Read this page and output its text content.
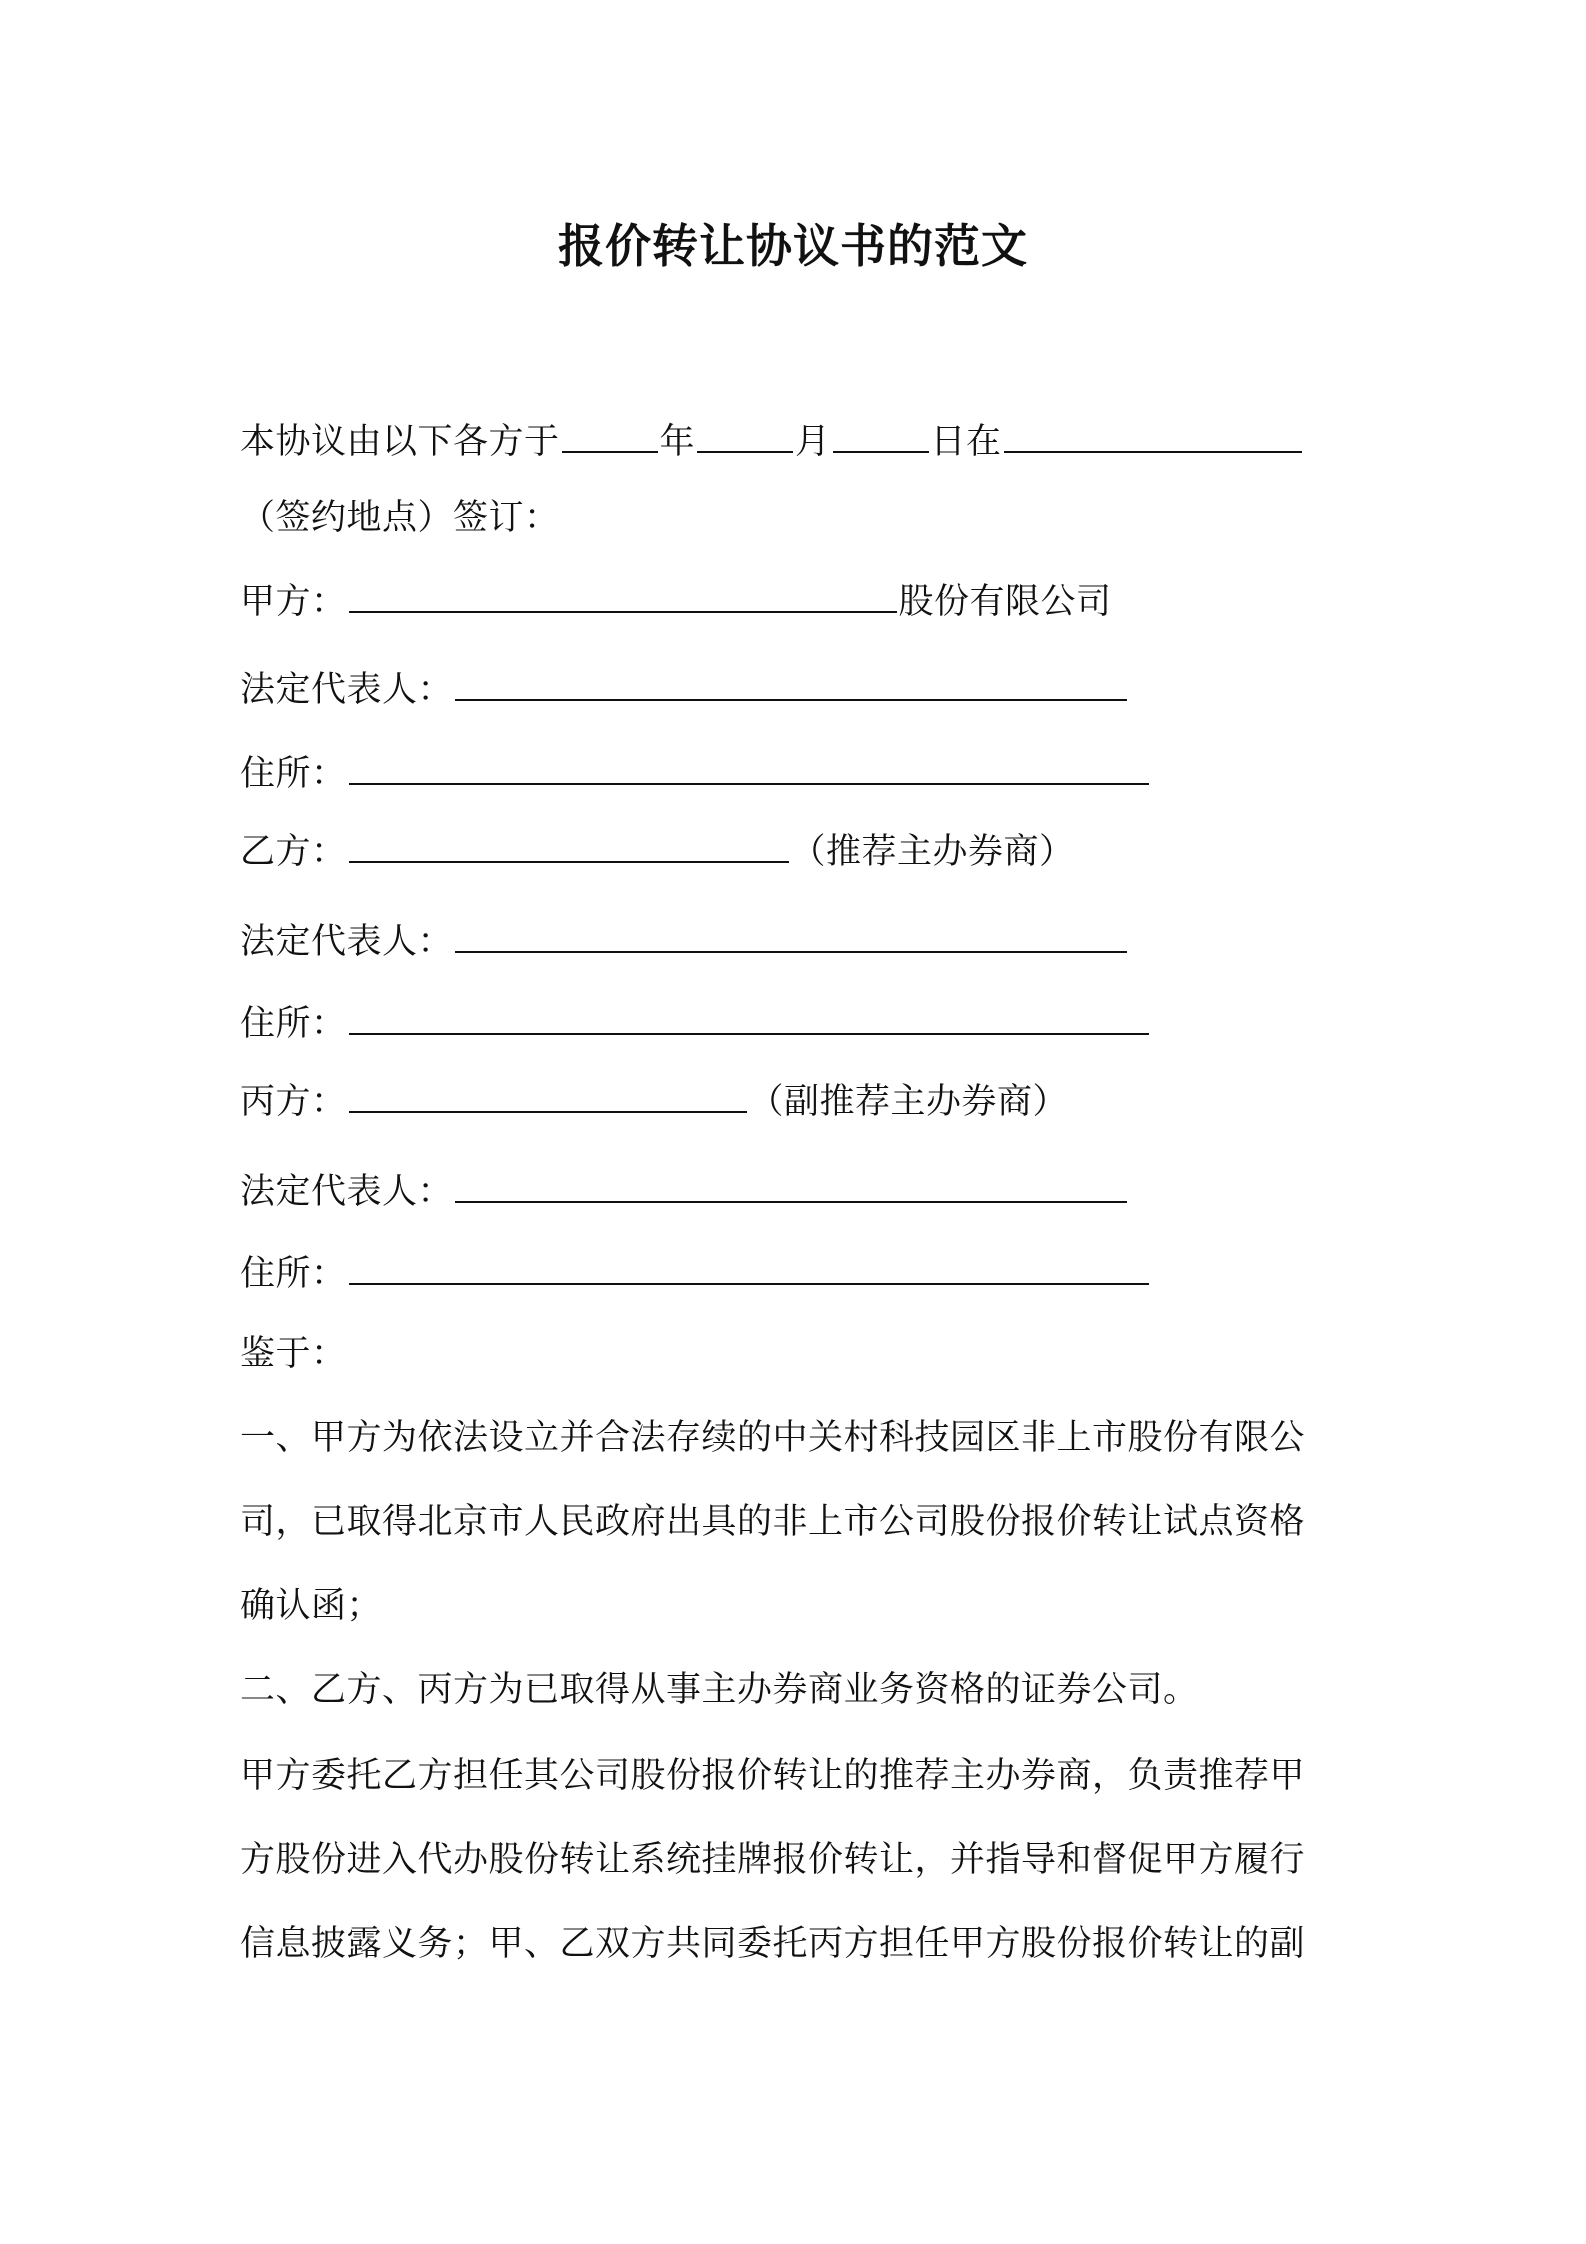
报价转让协议书的范文
本协议由以下各方于	年	月	日在
（签约地点）签订：
甲方：	股份有限公司
法定代表人：
住所：
乙方：	（推荐主办券商）
法定代表人：
住所：
丙方：	（副推荐主办券商）
法定代表人：
住所：
鉴于：
一、甲方为依法设立并合法存续的中关村科技园区非上市股份有限公
司，已取得北京市人民政府出具的非上市公司股份报价转让试点资格
确认函；
二、乙方、丙方为已取得从事主办券商业务资格的证券公司。
甲方委托乙方担任其公司股份报价转让的推荐主办券商，负责推荐甲
方股份进入代办股份转让系统挂牌报价转让，并指导和督促甲方履行
信息披露义务；甲、乙双方共同委托丙方担任甲方股份报价转让的副
